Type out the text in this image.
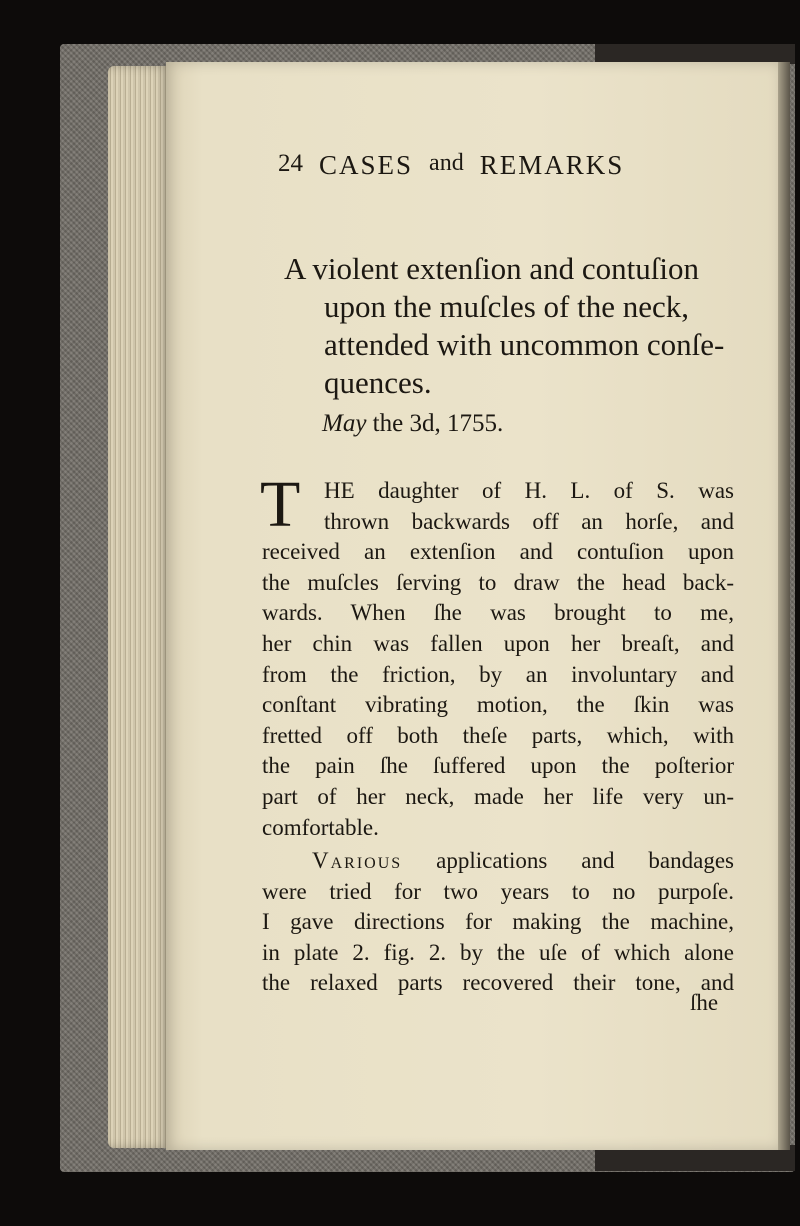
24 CASES and REMARKS
A violent extenſion and contuſion
upon the muſcles of the neck,
attended with uncommon conſe-
quences.
May the 3d, 1755.
T	HE daughter of H. L. of S. was
thrown backwards off an horſe, and
received an extenſion and contuſion upon
the muſcles ſerving to draw the head back-
wards. When ſhe was brought to me,
her chin was fallen upon her breaſt, and
from the friction, by an involuntary and
conſtant vibrating motion, the ſkin was
fretted off both theſe parts, which, with
the pain ſhe ſuffered upon the poſterior
part of her neck, made her life very un-
comfortable.
Various applications and bandages
were tried for two years to no purpoſe.
I gave directions for making the machine,
in plate 2. fig. 2. by the uſe of which alone
the relaxed parts recovered their tone, and
ſhe
